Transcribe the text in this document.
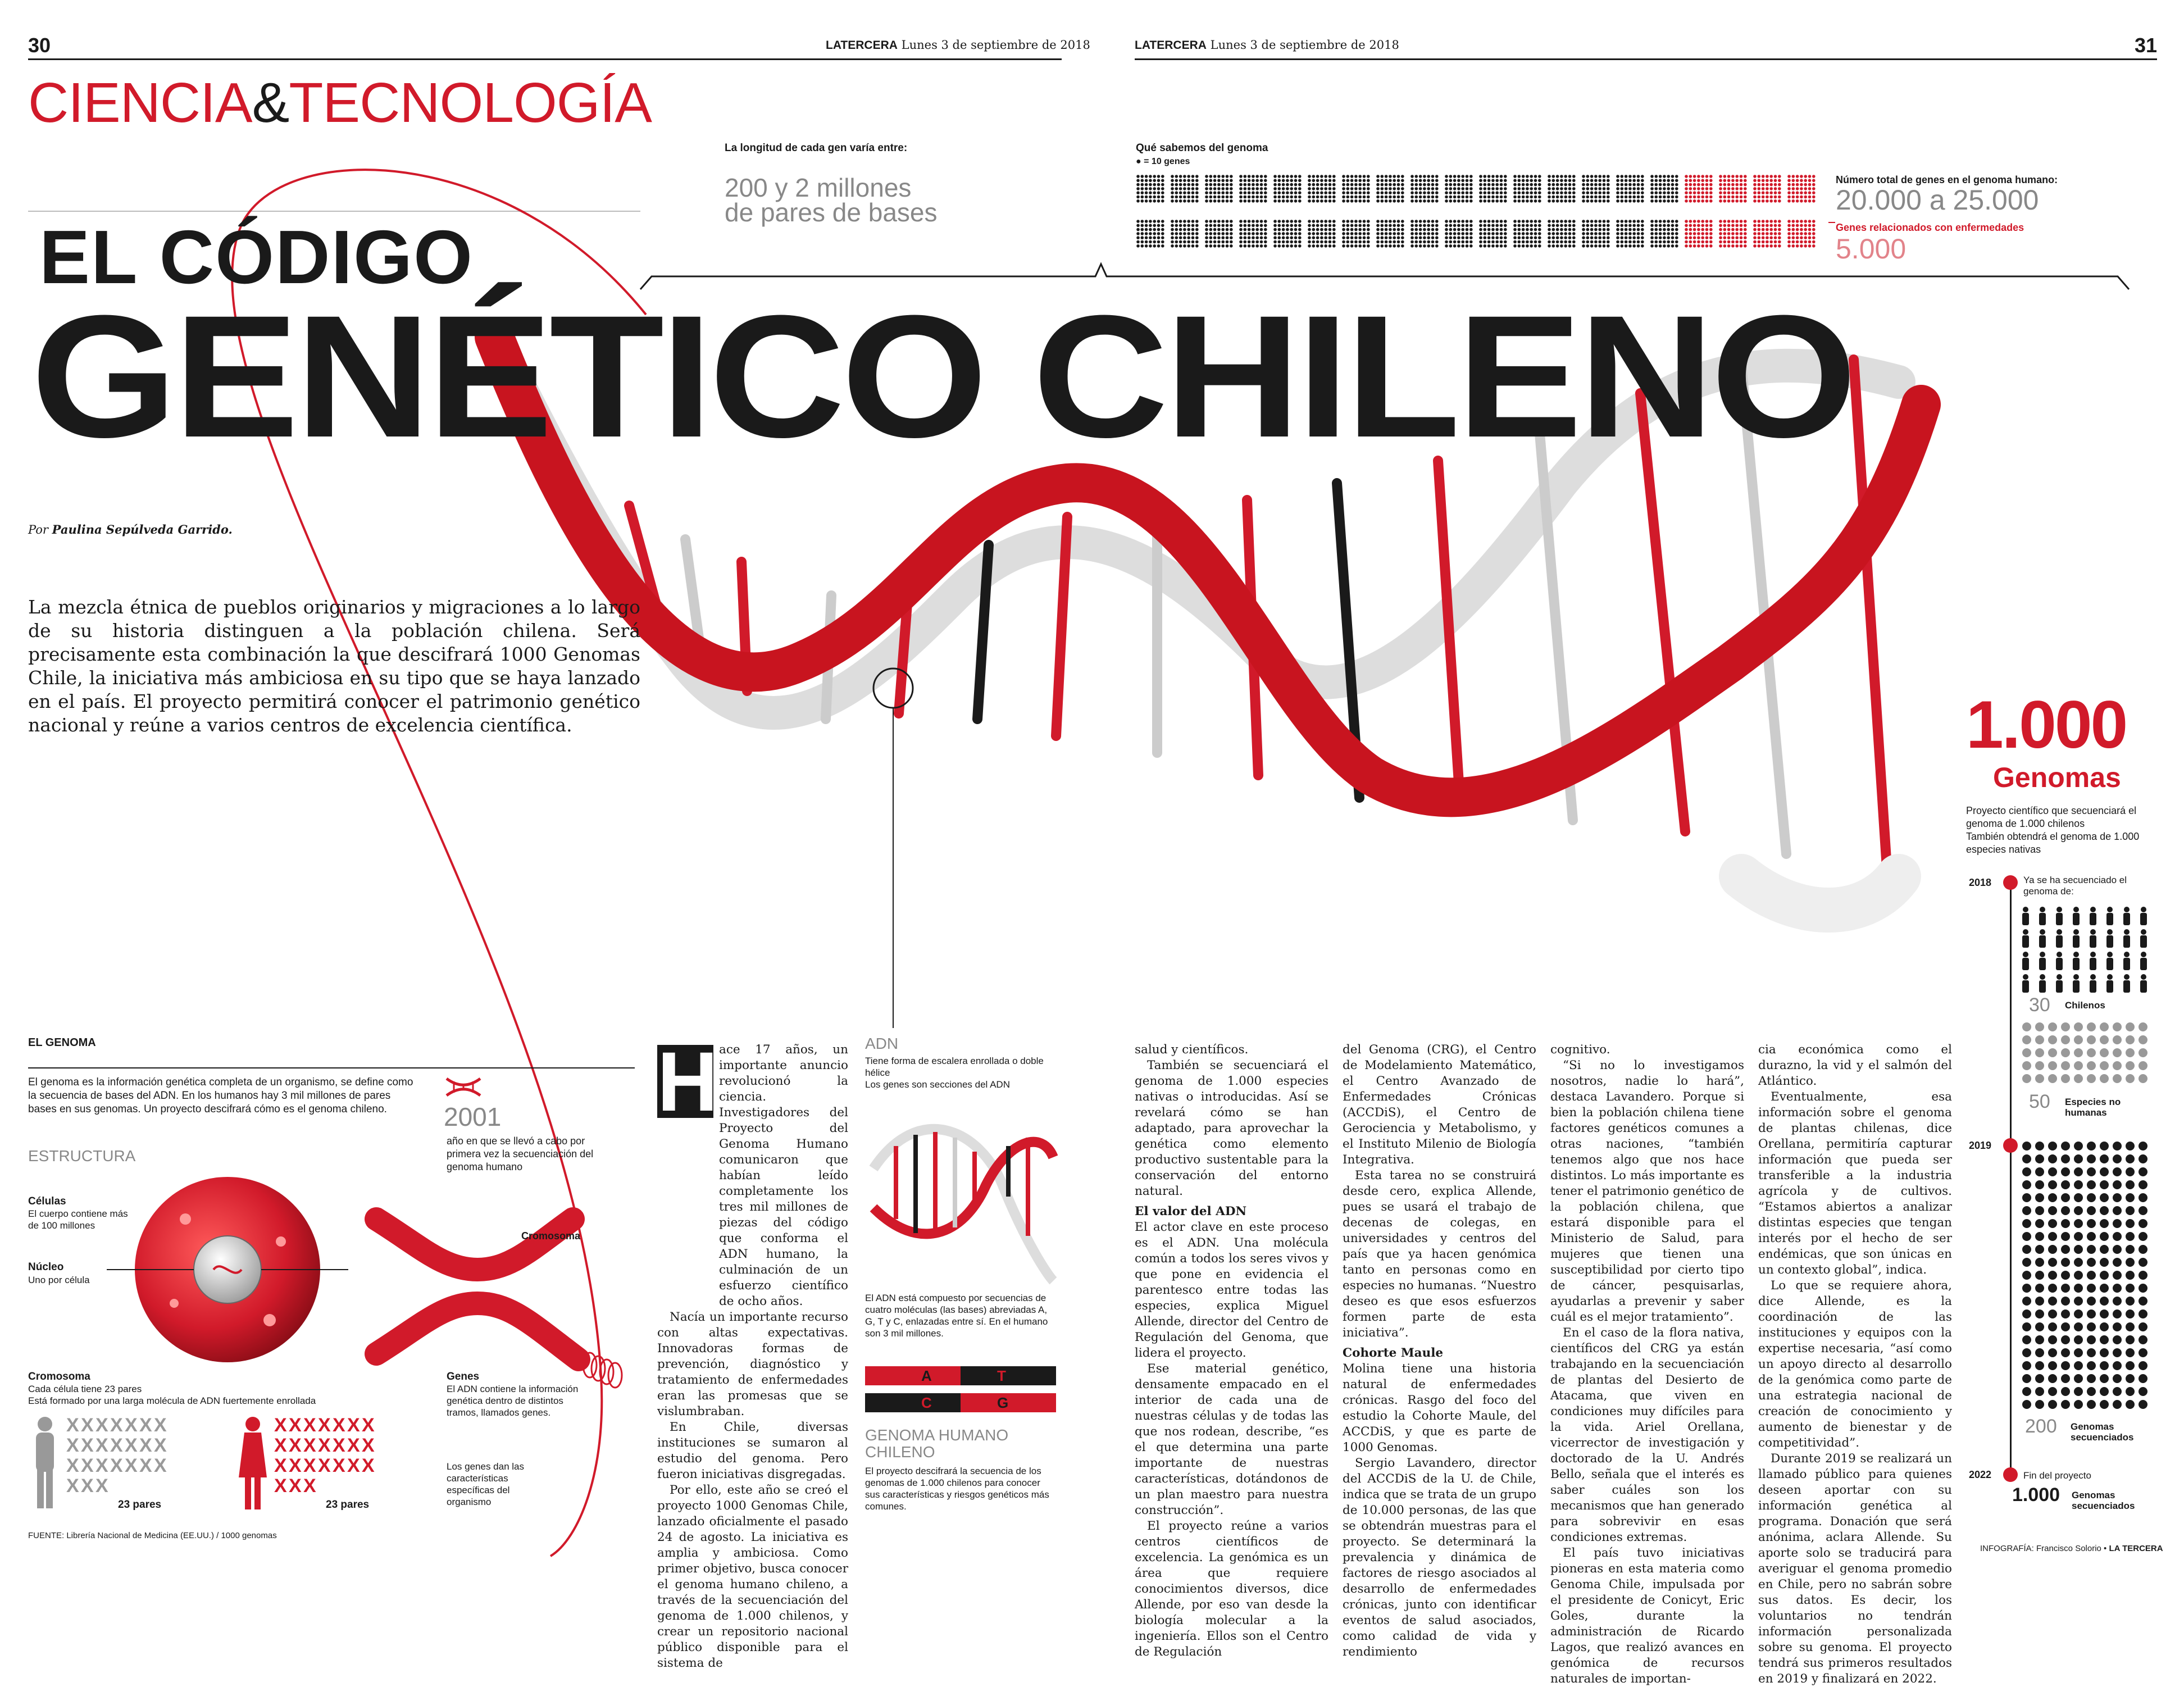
30	LATERCERA Lunes 3 de septiembre de 2018	LATERCERA Lunes 3 de septiembre de 2018	31
CIENCIA&TECNOLOGÍA
EL CÓDIGO
GENÉTICO CHILENO
Por Paulina Sepúlveda Garrido.
La mezcla étnica de pueblos originarios y migraciones a lo largo de su historia distinguen a la población chilena. Será precisamente esta combinación la que descifrará 1000 Genomas Chile, la iniciativa más ambiciosa en su tipo que se haya lanzado en el país. El proyecto permitirá conocer el patrimonio genético nacional y reúne a varios centros de excelencia científica.
La longitud de cada gen varía entre:
200 y 2 millones
de pares de bases
Qué sabemos del genoma
● = 10 genes
Número total de genes en el genoma humano:
20.000 a 25.000
Genes relacionados con enfermedades
5.000
1.000
Genomas
Proyecto científico que secuenciará el genoma de 1.000 chilenos
También obtendrá el genoma de 1.000 especies nativas
2018	Ya se ha secuenciado el genoma de:
30 Chilenos
50 Especies no humanas
2019
200 Genomas secuenciados
2022	Fin del proyecto
1.000 Genomas secuenciados
INFOGRAFÍA: Francisco Solorio • LA TERCERA
EL GENOMA
El genoma es la información genética completa de un organismo, se define como la secuencia de bases del ADN. En los humanos hay 3 mil millones de pares bases en sus genomas. Un proyecto descifrará cómo es el genoma chileno.
ESTRUCTURA
2001
año en que se llevó a cabo por primera vez la secuenciación del genoma humano
Células
El cuerpo contiene más de 100 millones
Núcleo
Uno por célula
Cromosoma
Cromosoma
Cada célula tiene 23 pares
Está formado por una larga molécula de ADN fuertemente enrollada
Genes
El ADN contiene la información genética dentro de distintos tramos, llamados genes.
Los genes dan las características específicas del organismo
X X X X X X X
X X X X X X X
X X X X X X X
X X X
X X X X X X X
X X X X X X X
X X X X X X X
X X X
23 pares	23 pares
FUENTE: Librería Nacional de Medicina (EE.UU.) / 1000 genomas
H ace 17 años, un importante anuncio revolucionó la ciencia. Investigadores del Proyecto del Genoma Humano comunicaron que habían leído completamente los tres mil millones de piezas del código que conforma el ADN humano, la culminación de un esfuerzo científico de ocho años.

Nacía un importante recurso con altas expectativas. Innovadoras formas de prevención, diagnóstico y tratamiento de enfermedades eran las promesas que se vislumbraban.

En Chile, diversas instituciones se sumaron al estudio del genoma. Pero fueron iniciativas disgregadas.

Por ello, este año se creó el proyecto 1000 Genomas Chile, lanzado oficialmente el pasado 24 de agosto. La iniciativa es amplia y ambiciosa. Como primer objetivo, busca conocer el genoma humano chileno, a través de la secuenciación del genoma de 1.000 chilenos, y crear un repositorio nacional público disponible para el sistema de

ADN
Tiene forma de escalera enrollada o doble hélice
Los genes son secciones del ADN
El ADN está compuesto por secuencias de cuatro moléculas (las bases) abreviadas A, G, T y C, enlazadas entre sí. En el humano son 3 mil millones.
A	T
C	G
GENOMA HUMANO
CHILENO
El proyecto descifrará la secuencia de los genomas de 1.000 chilenos para conocer sus características y riesgos genéticos más comunes.

salud y científicos.

También se secuenciará el genoma de 1.000 especies nativas o introducidas. Así se revelará cómo se han adaptado, para aprovechar la genética como elemento productivo sustentable para la conservación del entorno natural.

El valor del ADN

El actor clave en este proceso es el ADN. Una molécula común a todos los seres vivos y que pone en evidencia el parentesco entre todas las especies, explica Miguel Allende, director del Centro de Regulación del Genoma, que lidera el proyecto.

Ese material genético, densamente empacado en el interior de cada una de nuestras células y de todas las que nos rodean, describe, “es el que determina una parte importante de nuestras características, dotándonos de un plan maestro para nuestra construcción”.

El proyecto reúne a varios centros científicos de excelencia. La genómica es un área que requiere conocimientos diversos, dice Allende, por eso van desde la biología molecular a la ingeniería. Ellos son el Centro de Regulación

del Genoma (CRG), el Centro de Modelamiento Matemático, el Centro Avanzado de Enfermedades Crónicas (ACCDiS), el Centro de Gerociencia y Metabolismo, y el Instituto Milenio de Biología Integrativa.

Esta tarea no se construirá desde cero, explica Allende, pues se usará el trabajo de decenas de colegas, en universidades y centros del país que ya hacen genómica tanto en personas como en especies no humanas. “Nuestro deseo es que esos esfuerzos formen parte de esta iniciativa”.

Cohorte Maule

Molina tiene una historia natural de enfermedades crónicas. Rasgo del foco del estudio la Cohorte Maule, del ACCDiS, y que es parte de 1000 Genomas.

Sergio Lavandero, director del ACCDiS de la U. de Chile, indica que se trata de un grupo de 10.000 personas, de las que se obtendrán muestras para el proyecto. Se determinará la prevalencia y dinámica de factores de riesgo asociados al desarrollo de enfermedades crónicas, junto con identificar eventos de salud asociados, como calidad de vida y rendimiento

cognitivo.

“Si no lo investigamos nosotros, nadie lo hará”, destaca Lavandero. Porque si bien la población chilena tiene factores genéticos comunes a otras naciones, “también tenemos algo que nos hace distintos. Lo más importante es tener el patrimonio genético de la población chilena, que estará disponible para el Ministerio de Salud, para mujeres que tienen una susceptibilidad por cierto tipo de cáncer, pesquisarlas, ayudarlas a prevenir y saber cuál es el mejor tratamiento”.

En el caso de la flora nativa, científicos del CRG ya están trabajando en la secuenciación de plantas del Desierto de Atacama, que viven en condiciones muy difíciles para la vida. Ariel Orellana, vicerrector de investigación y doctorado de la U. Andrés Bello, señala que el interés es saber cuáles son los mecanismos que han generado para sobrevivir en esas condiciones extremas.

El país tuvo iniciativas pioneras en esta materia como Genoma Chile, impulsada por el presidente de Conicyt, Eric Goles, durante la administración de Ricardo Lagos, que realizó avances en genómica de recursos naturales de importan-

cia económica como el durazno, la vid y el salmón del Atlántico.

Eventualmente, esa información sobre el genoma de plantas chilenas, dice Orellana, permitiría capturar información que pueda ser transferible a la industria agrícola y de cultivos. “Estamos abiertos a analizar distintas especies que tengan interés por el hecho de ser endémicas, que son únicas en un contexto global”, indica.

Lo que se requiere ahora, dice Allende, es la coordinación de las instituciones y equipos con la expertise necesaria, “así como un apoyo directo al desarrollo de la genómica como parte de una estrategia nacional de creación de conocimiento y aumento de bienestar y de competitividad”.

Durante 2019 se realizará un llamado público para quienes deseen aportar con su información genética al programa. Donación que será anónima, aclara Allende. Su aporte solo se traducirá para averiguar el genoma promedio en Chile, pero no sabrán sobre sus datos. Es decir, los voluntarios no tendrán información personalizada sobre su genoma. El proyecto tendrá sus primeros resultados en 2019 y finalizará en 2022.
